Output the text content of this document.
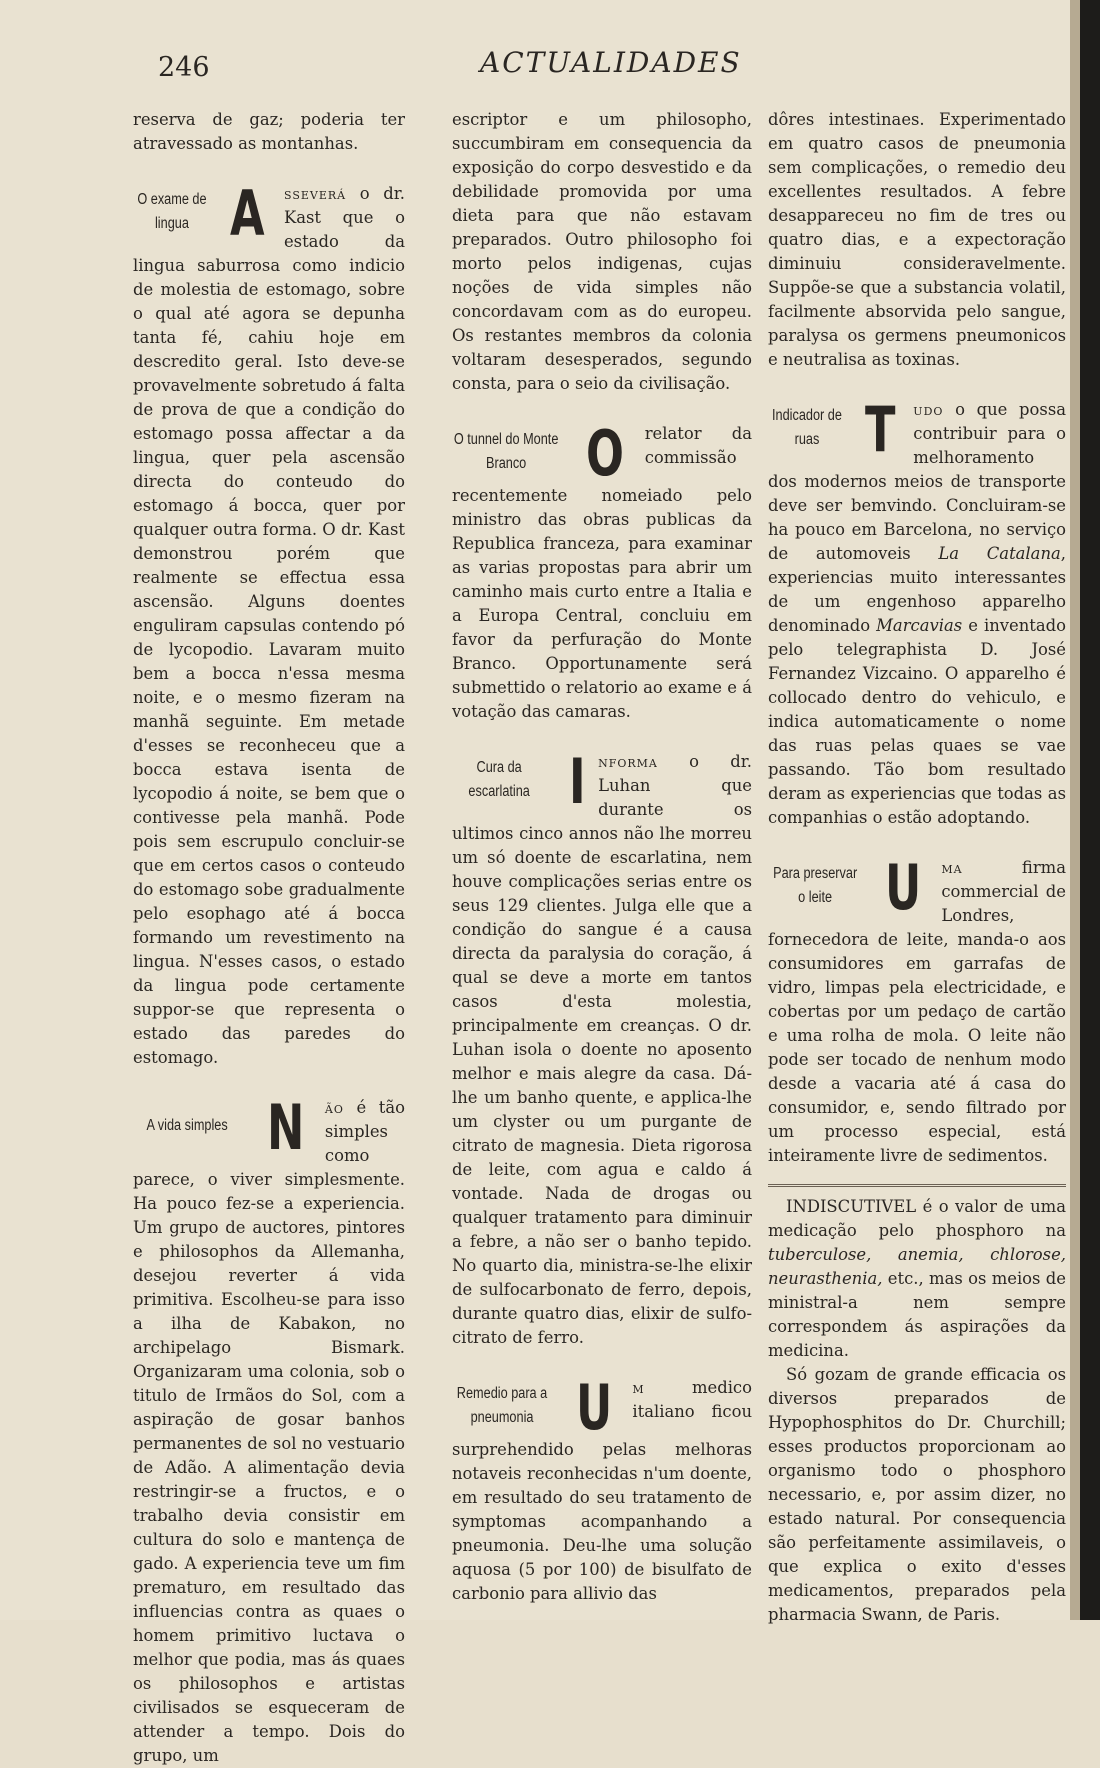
246	ACTUALIDADES

reserva de gaz; poderia ter atravessado as montanhas.

O exame de lingua A	sseverá o dr. Kast que o estado da lingua saburrosa como indicio de molestia de estomago, sobre o qual até agora se depunha tanta fé, cahiu hoje em descredito geral. Isto deve-se provavelmente sobretudo á falta de prova de que a condição do estomago possa affectar a da lingua, quer pela ascensão directa do conteudo do estomago á bocca, quer por qualquer outra forma. O dr. Kast demonstrou porém que realmente se effectua essa ascensão. Alguns doentes enguliram capsulas contendo pó de lycopodio. Lavaram muito bem a bocca n'essa mesma noite, e o mesmo fizeram na manhã seguinte. Em metade d'esses se reconheceu que a bocca estava isenta de lycopodio á noite, se bem que o contivesse pela manhã. Pode pois sem escrupulo concluir-se que em certos casos o conteudo do estomago sobe gradualmente pelo esophago até á bocca formando um revestimento na lingua. N'esses casos, o estado da lingua pode certamente suppor-se que representa o estado das paredes do estomago.

A vida simples N	ão é tão simples como parece, o viver simplesmente. Ha pouco fez-se a experiencia. Um grupo de auctores, pintores e philosophos da Allemanha, desejou reverter á vida primitiva. Escolheu-se para isso a ilha de Kabakon, no archipelago Bismark. Organizaram uma colonia, sob o titulo de Irmãos do Sol, com a aspiração de gosar banhos permanentes de sol no vestuario de Adão. A alimentação devia restringir-se a fructos, e o trabalho devia consistir em cultura do solo e mantença de gado. A experiencia teve um fim prematuro, em resultado das influencias contra as quaes o homem primitivo luctava o melhor que podia, mas ás quaes os philosophos e artistas civilisados se esqueceram de attender a tempo. Dois do grupo, um

escriptor e um philosopho, succumbiram em consequencia da exposição do corpo desvestido e da debilidade promovida por uma dieta para que não estavam preparados. Outro philosopho foi morto pelos indigenas, cujas noções de vida simples não concordavam com as do europeu. Os restantes membros da colonia voltaram desesperados, segundo consta, para o seio da civilisação.

O tunnel do Monte Branco O	relator da commissão recentemente nomeiado pelo ministro das obras publicas da Republica franceza, para examinar as varias propostas para abrir um caminho mais curto entre a Italia e a Europa Central, concluiu em favor da perfuração do Monte Branco. Opportunamente será submettido o relatorio ao exame e á votação das camaras.

Cura da escarlatina I nforma o dr. Luhan que durante os ultimos cinco annos não lhe morreu um só doente de escarlatina, nem houve complicações serias entre os seus 129 clientes. Julga elle que a condição do sangue é a causa directa da paralysia do coração, á qual se deve a morte em tantos casos d'esta molestia, principalmente em creanças. O dr. Luhan isola o doente no aposento melhor e mais alegre da casa. Dá-lhe um banho quente, e applica-lhe um clyster ou um purgante de citrato de magnesia. Dieta rigorosa de leite, com agua e caldo á vontade. Nada de drogas ou qualquer tratamento para diminuir a febre, a não ser o banho tepido. No quarto dia, ministra-se-lhe elixir de sulfocarbonato de ferro, depois, durante quatro dias, elixir de sulfo-citrato de ferro.

Remedio para a pneumonia U	m medico italiano ficou surprehendido pelas melhoras notaveis reconhecidas n'um doente, em resultado do seu tratamento de symptomas acompanhando a pneumonia. Deu-lhe uma solução aquosa (5 por 100) de bisulfato de carbonio para allivio das

dôres intestinaes. Experimentado em quatro casos de pneumonia sem complicações, o remedio deu excellentes resultados. A febre desappareceu no fim de tres ou quatro dias, e a expectoração diminuiu consideravelmente. Suppõe-se que a substancia volatil, facilmente absorvida pelo sangue, paralysa os germens pneumonicos e neutralisa as toxinas.

Indicador de ruas T	udo o que possa contribuir para o melhoramento dos modernos meios de transporte deve ser bemvindo. Concluiram-se ha pouco em Barcelona, no serviço de automoveis La Catalana, experiencias muito interessantes de um engenhoso apparelho denominado Marcavias e inventado pelo telegraphista D. José Fernandez Vizcaino. O apparelho é collocado dentro do vehiculo, e indica automaticamente o nome das ruas pelas quaes se vae passando. Tão bom resultado deram as experiencias que todas as companhias o estão adoptando.

Para preservar o leite U	ma firma commercial de Londres, fornecedora de leite, manda-o aos consumidores em garrafas de vidro, limpas pela electricidade, e cobertas por um pedaço de cartão e uma rolha de mola. O leite não pode ser tocado de nenhum modo desde a vacaria até á casa do consumidor, e, sendo filtrado por um processo especial, está inteiramente livre de sedimentos.

INDISCUTIVEL é o valor de uma medicação pelo phosphoro na tuberculose, anemia, chlorose, neurasthenia, etc., mas os meios de ministral-a nem sempre correspondem ás aspirações da medicina.

Só gozam de grande efficacia os diversos preparados de Hypophosphitos do Dr. Churchill; esses productos proporcionam ao organismo todo o phosphoro necessario, e, por assim dizer, no estado natural. Por consequencia são perfeitamente assimilaveis, o que explica o exito d'esses medicamentos, preparados pela pharmacia Swann, de Paris.
